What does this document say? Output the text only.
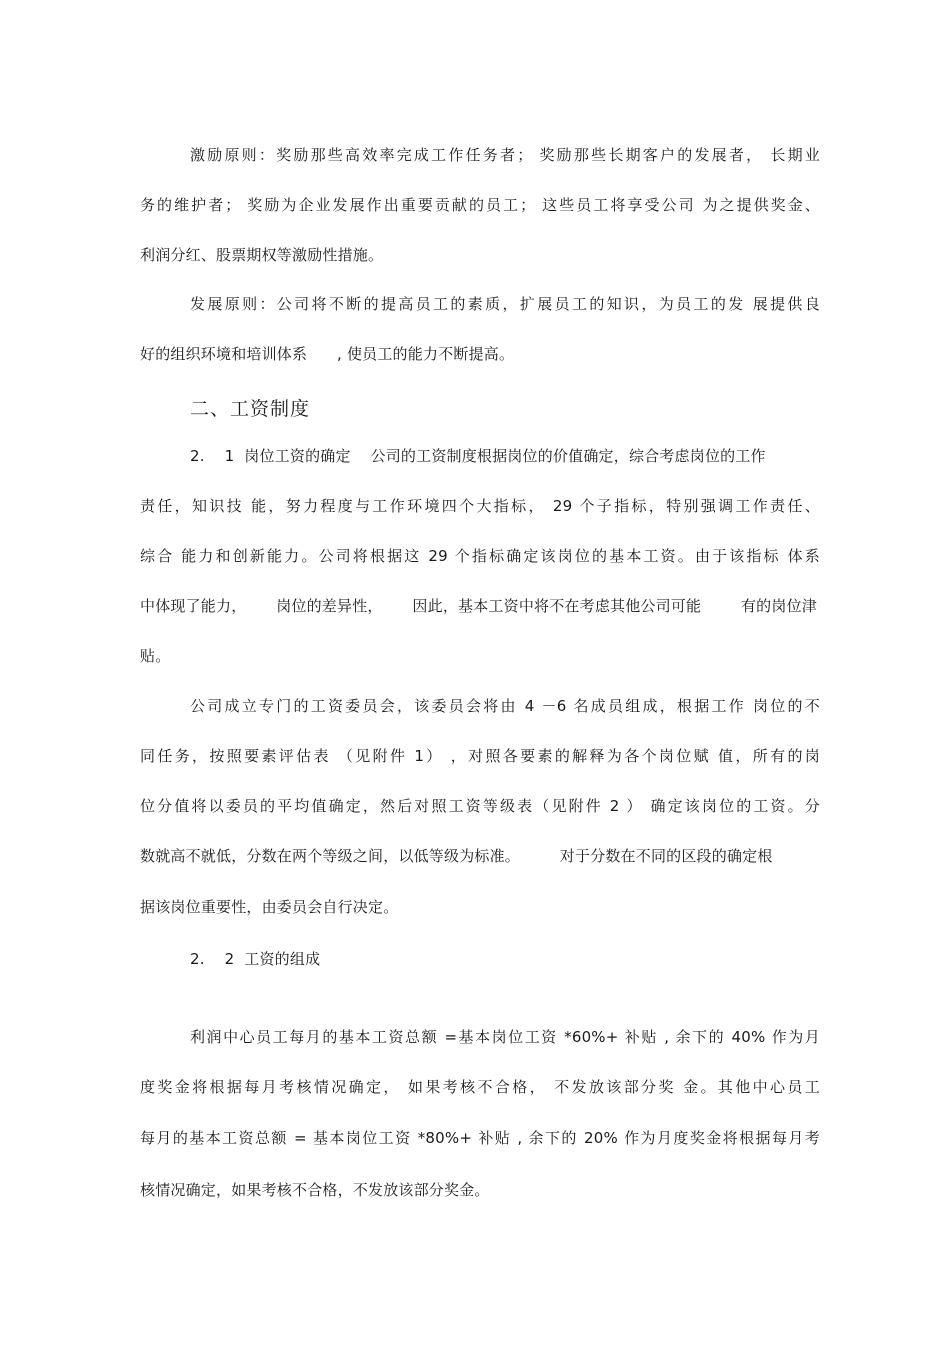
激励原则：奖励那些高效率完成工作任务者； 奖励那些长期客户的发展者， 长期业
务的维护者； 奖励为企业发展作出重要贡献的员工； 这些员工将享受公司 为之提供奖金、
利润分红、股票期权等激励性措施。
发展原则：公司将不断的提高员工的素质，扩展员工的知识，为员工的发 展提供良
好的组织环境和培训体系      , 使员工的能力不断提高。
二、工资制度
2.    1  岗位工资的确定    公司的工资制度根据岗位的价值确定，综合考虑岗位的工作
责任，知识技 能，努力程度与工作环境四个大指标， 29 个子指标，特别强调工作责任、
综合 能力和创新能力。公司将根据这 29 个指标确定该岗位的基本工资。由于该指标 体系
中体现了能力，      岗位的差异性，      因此，基本工资中将不在考虑其他公司可能        有的岗位津
贴。
公司成立专门的工资委员会，该委员会将由 4 －6 名成员组成，根据工作 岗位的不
同任务，按照要素评估表 （见附件 1） ，对照各要素的解释为各个岗位赋 值，所有的岗
位分值将以委员的平均值确定，然后对照工资等级表（见附件 2 ） 确定该岗位的工资。分
数就高不就低，分数在两个等级之间，以低等级为标准。        对于分数在不同的区段的确定根
据该岗位重要性，由委员会自行决定。
2.    2  工资的组成
利润中心员工每月的基本工资总额 =基本岗位工资 *60%+ 补贴 , 余下的 40% 作为月
度奖金将根据每月考核情况确定， 如果考核不合格， 不发放该部分奖 金。其他中心员工
每月的基本工资总额 = 基本岗位工资 *80%+ 补贴 , 余下的 20% 作为月度奖金将根据每月考
核情况确定，如果考核不合格，不发放该部分奖金。
